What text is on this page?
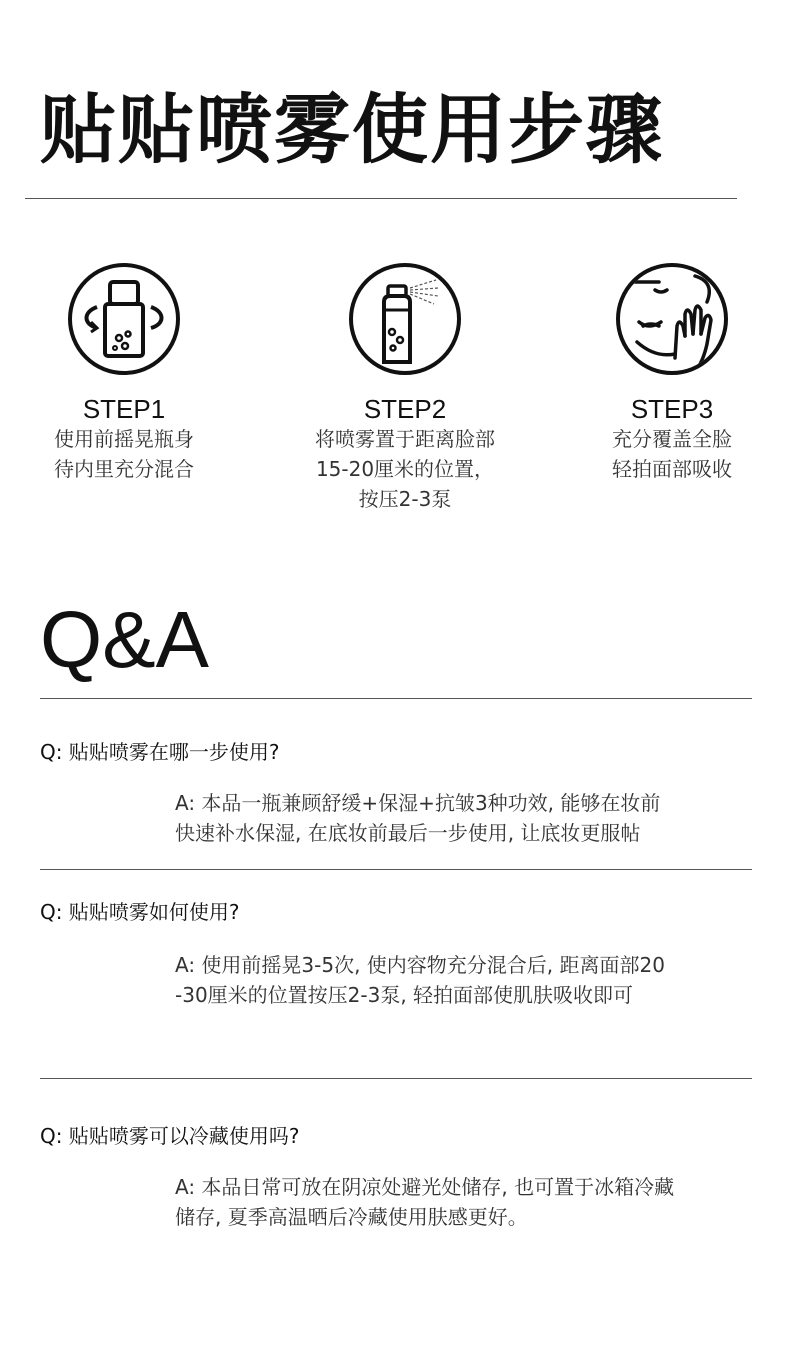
贴贴喷雾使用步骤
STEP1
使用前摇晃瓶身
待内里充分混合
STEP2
将喷雾置于距离脸部
15-20厘米的位置，
按压2-3泵
STEP3
充分覆盖全脸
轻拍面部吸收
Q&A
Q: 贴贴喷雾在哪一步使用?
A: 本品一瓶兼顾舒缓+保湿+抗皱3种功效, 能够在妆前
快速补水保湿, 在底妆前最后一步使用, 让底妆更服帖
Q: 贴贴喷雾如何使用?
A: 使用前摇晃3-5次, 使内容物充分混合后, 距离面部20
-30厘米的位置按压2-3泵, 轻拍面部使肌肤吸收即可
Q: 贴贴喷雾可以冷藏使用吗?
A: 本品日常可放在阴凉处避光处储存, 也可置于冰箱冷藏
储存, 夏季高温晒后冷藏使用肤感更好。
